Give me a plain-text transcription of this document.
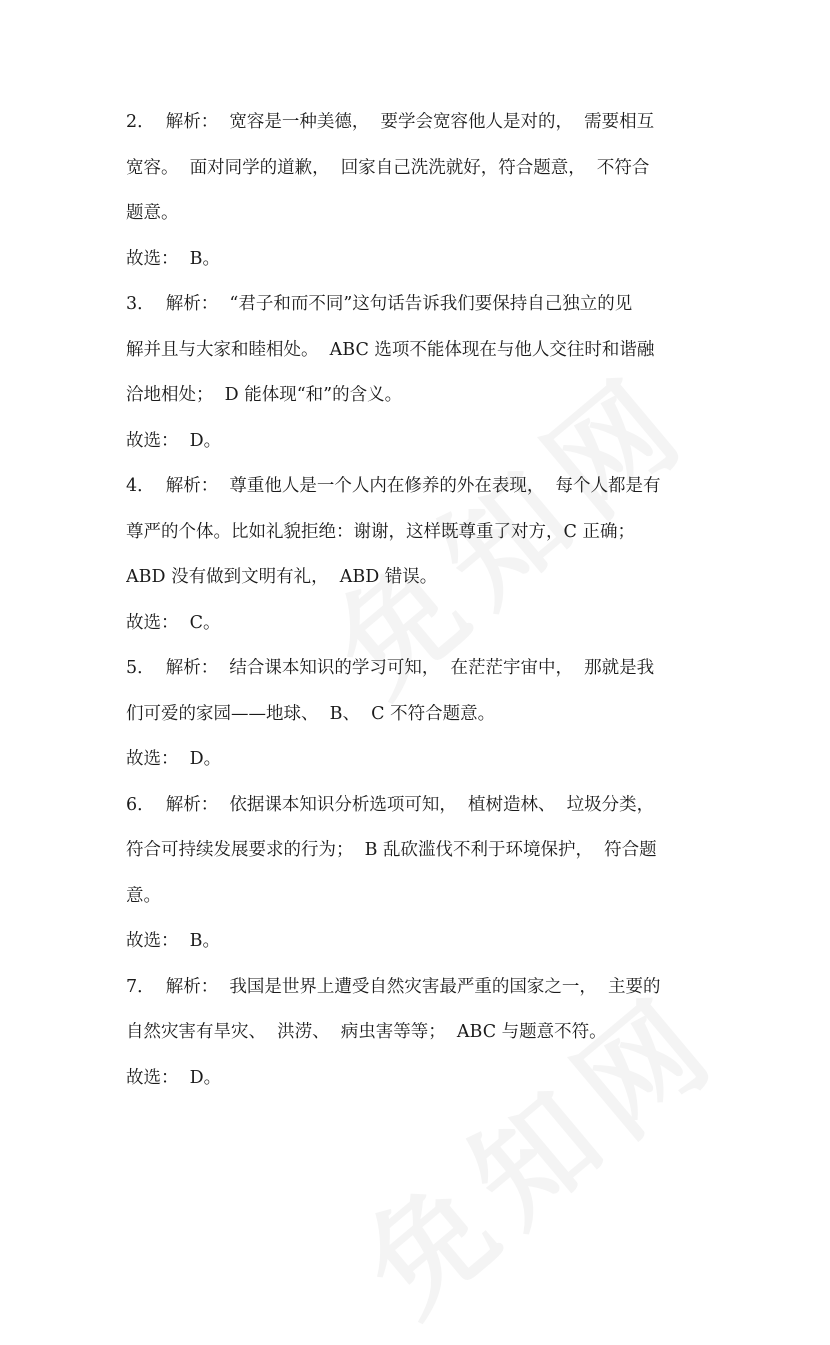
2．  解析：  宽容是一种美德，  要学会宽容他人是对的，  需要相互
宽容。  面对同学的道歉，  回家自己洗洗就好，符合题意，  不符合
题意。
故选：  B。
3．  解析：  “君子和而不同”这句话告诉我们要保持自己独立的见
解并且与大家和睦相处。  ABC 选项不能体现在与他人交往时和谐融
洽地相处；  D 能体现“和”的含义。
故选：  D。
4．  解析：  尊重他人是一个人内在修养的外在表现，  每个人都是有
尊严的个体。比如礼貌拒绝：谢谢，这样既尊重了对方，C 正确；
ABD 没有做到文明有礼，  ABD 错误。
故选：  C。
5．  解析：  结合课本知识的学习可知，  在茫茫宇宙中，  那就是我
们可爱的家园——地球、  B、  C 不符合题意。
故选：  D。
6．  解析：  依据课本知识分析选项可知，  植树造林、  垃圾分类，
符合可持续发展要求的行为；  B 乱砍滥伐不利于环境保护，  符合题
意。
故选：  B。
7．  解析：  我国是世界上遭受自然灾害最严重的国家之一，  主要的
自然灾害有旱灾、  洪涝、  病虫害等等；  ABC 与题意不符。
故选：  D。
